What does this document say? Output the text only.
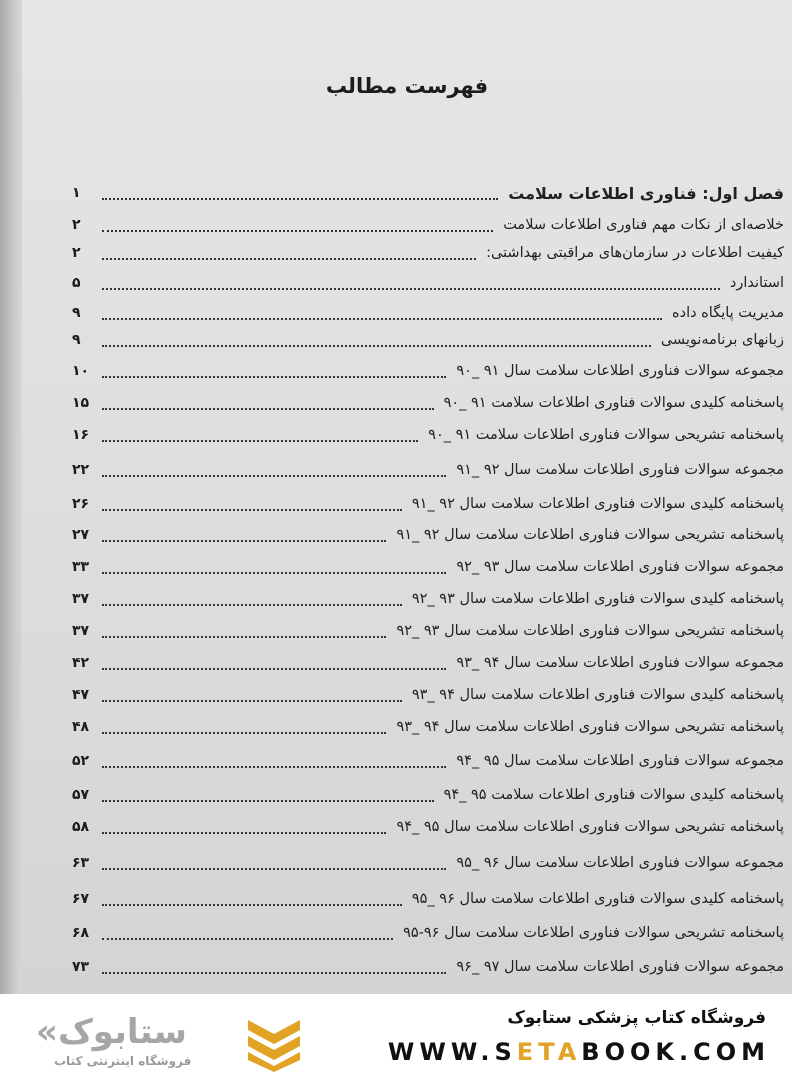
فهرست مطالب
فصل اول: فناوری اطلاعات سلامت
۱
خلاصه‌ای از نکات مهم فناوری اطلاعات سلامت
۲
کیفیت اطلاعات در سازمان‌های مراقبتی بهداشتی:
۲
استاندارد
۵
مدیریت پایگاه داده
۹
زبانهای برنامه‌نویسی
۹
مجموعه سوالات فناوری اطلاعات سلامت سال ۹۱ _۹۰
۱۰
پاسخنامه کلیدی سوالات فناوری اطلاعات سلامت ۹۱ _۹۰
۱۵
پاسخنامه تشریحی سوالات فناوری اطلاعات سلامت ۹۱ _۹۰
۱۶
مجموعه سوالات فناوری اطلاعات سلامت سال ۹۲ _۹۱
۲۲
پاسخنامه کلیدی سوالات فناوری اطلاعات سلامت سال ۹۲ _۹۱
۲۶
پاسخنامه تشریحی سوالات فناوری اطلاعات سلامت سال ۹۲ _۹۱
۲۷
مجموعه سوالات فناوری اطلاعات سلامت سال ۹۳ _۹۲
۳۳
پاسخنامه کلیدی سوالات فناوری اطلاعات سلامت سال ۹۳ _۹۲
۳۷
پاسخنامه تشریحی سوالات فناوری اطلاعات سلامت سال ۹۳ _۹۲
۳۷
مجموعه سوالات فناوری اطلاعات سلامت سال ۹۴ _۹۳
۴۲
پاسخنامه کلیدی سوالات فناوری اطلاعات سلامت سال ۹۴ _۹۳
۴۷
پاسخنامه تشریحی سوالات فناوری اطلاعات سلامت سال ۹۴ _۹۳
۴۸
مجموعه سوالات فناوری اطلاعات سلامت سال ۹۵ _۹۴
۵۲
پاسخنامه کلیدی سوالات فناوری اطلاعات سلامت ۹۵ _۹۴
۵۷
پاسخنامه تشریحی سوالات فناوری اطلاعات سلامت سال ۹۵ _۹۴
۵۸
مجموعه سوالات فناوری اطلاعات سلامت سال ۹۶ _۹۵
۶۳
پاسخنامه کلیدی سوالات فناوری اطلاعات سلامت سال ۹۶ _۹۵
۶۷
پاسخنامه تشریحی سوالات فناوری اطلاعات سلامت سال ۹۶-۹۵
۶۸
مجموعه سوالات فناوری اطلاعات سلامت سال ۹۷ _۹۶
۷۳
«ستابوک
فروشگاه اینترنتی کتاب
فروشگاه کتاب پزشکی ستابوک
WWW.SETABOOK.COM
